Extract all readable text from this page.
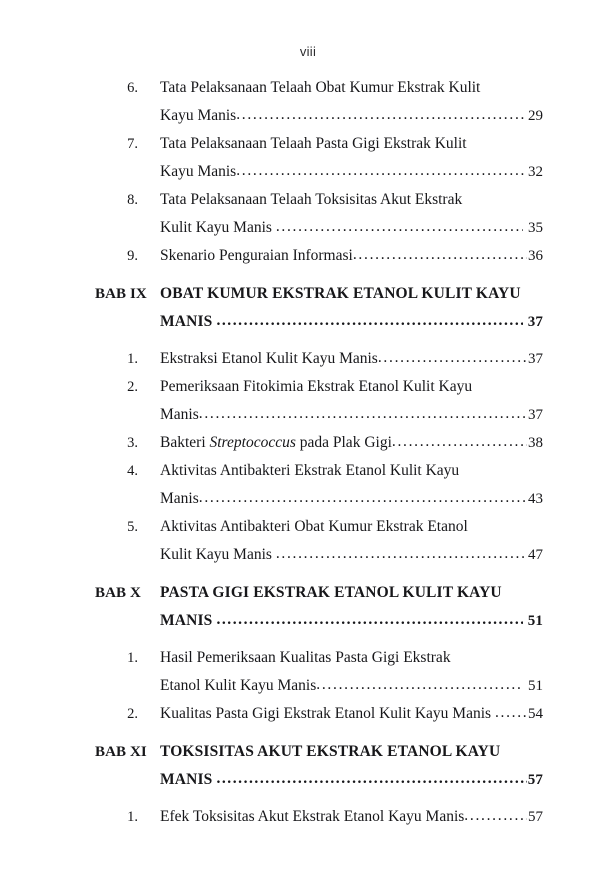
viii
6.	Tata Pelaksanaan Telaah Obat Kumur Ekstrak Kulit
Kayu Manis .....	29
7.	Tata Pelaksanaan Telaah Pasta Gigi Ekstrak Kulit
Kayu Manis .....	32
8.	Tata Pelaksanaan Telaah Toksisitas Akut Ekstrak
Kulit Kayu Manis .....	35
9.	Skenario Penguraian Informasi .....	36
BAB IX OBAT KUMUR EKSTRAK ETANOL KULIT KAYU
MANIS .....	37
1.	Ekstraksi Etanol Kulit Kayu Manis .....	37
2.	Pemeriksaan Fitokimia Ekstrak Etanol Kulit Kayu
Manis .....	37
3.	Bakteri Streptococcus pada Plak Gigi .....	38
4.	Aktivitas Antibakteri Ekstrak Etanol Kulit Kayu
Manis .....	43
5.	Aktivitas Antibakteri Obat Kumur Ekstrak Etanol
Kulit Kayu Manis .....	47
BAB X	PASTA GIGI EKSTRAK ETANOL KULIT KAYU
MANIS .....	51
1.	Hasil Pemeriksaan Kualitas Pasta Gigi Ekstrak
Etanol Kulit Kayu Manis .....	51
2.	Kualitas Pasta Gigi Ekstrak Etanol Kulit Kayu Manis ..... 54
BAB XI TOKSISITAS AKUT EKSTRAK ETANOL KAYU
MANIS .....	57
1.	Efek Toksisitas Akut Ekstrak Etanol Kayu Manis .....	57
